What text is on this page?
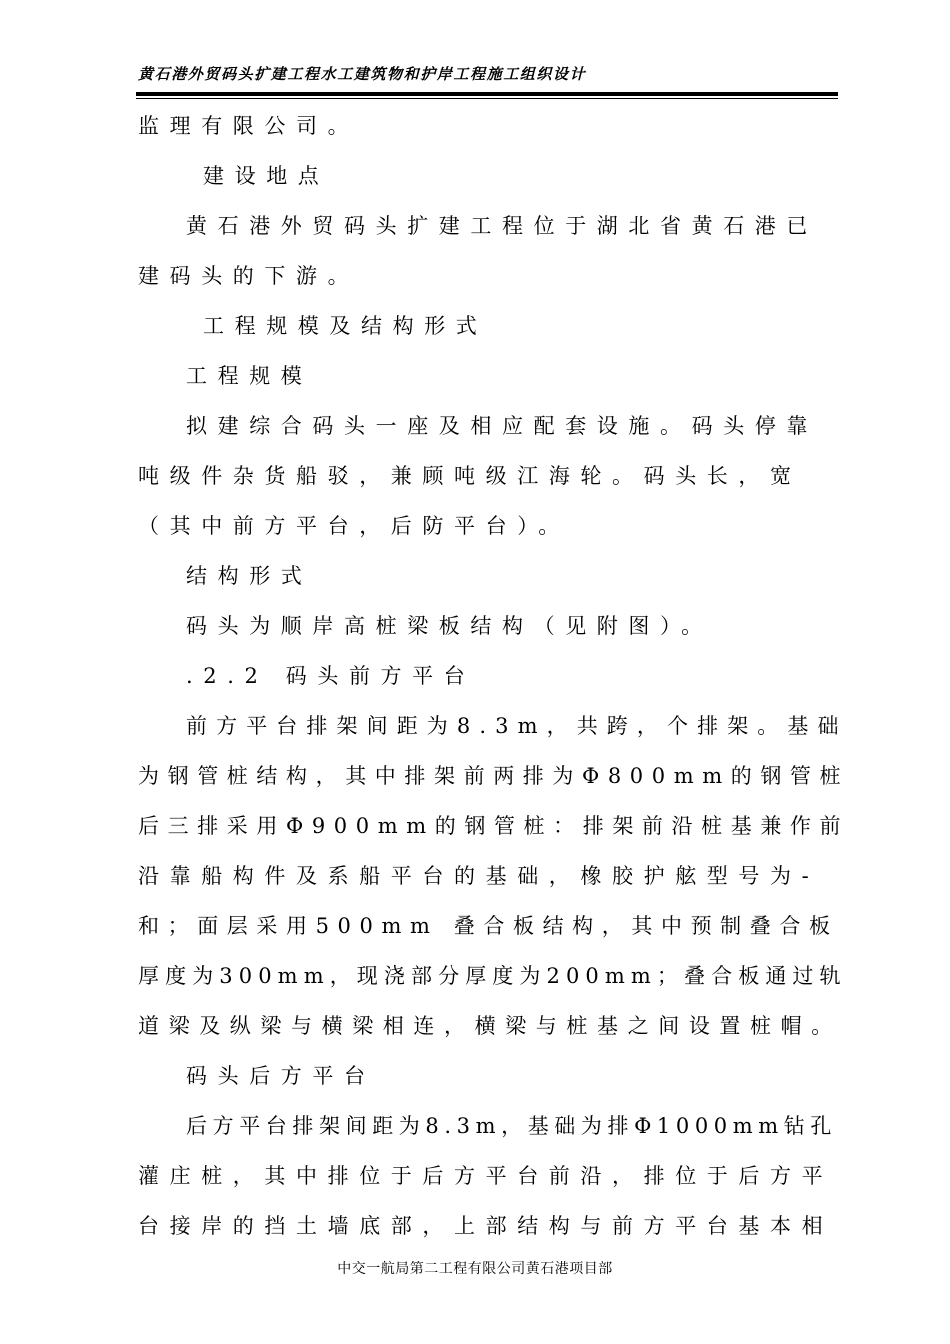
黄石港外贸码头扩建工程水工建筑物和护岸工程施工组织设计
监理有限公司。
建设地点
黄石港外贸码头扩建工程位于湖北省黄石港已
建码头的下游。
工程规模及结构形式
工程规模
拟建综合码头一座及相应配套设施。码头停靠
吨级件杂货船驳，兼顾吨级江海轮。码头长，宽
（其中前方平台，后防平台）。
结构形式
码头为顺岸高桩梁板结构（见附图）。
.2.2 码头前方平台
前方平台排架间距为8.3m，共跨，个排架。基础
为钢管桩结构，其中排架前两排为Φ800mm的钢管桩
后三排采用Φ900mm的钢管桩：排架前沿桩基兼作前
沿靠船构件及系船平台的基础，橡胶护舷型号为-
和；面层采用500mm 叠合板结构，其中预制叠合板
厚度为300mm，现浇部分厚度为200mm；叠合板通过轨
道梁及纵梁与横梁相连，横梁与桩基之间设置桩帽。
码头后方平台
后方平台排架间距为8.3m，基础为排Φ1000mm钻孔
灌庄桩，其中排位于后方平台前沿，排位于后方平
台接岸的挡土墙底部，上部结构与前方平台基本相
中交一航局第二工程有限公司黄石港项目部
